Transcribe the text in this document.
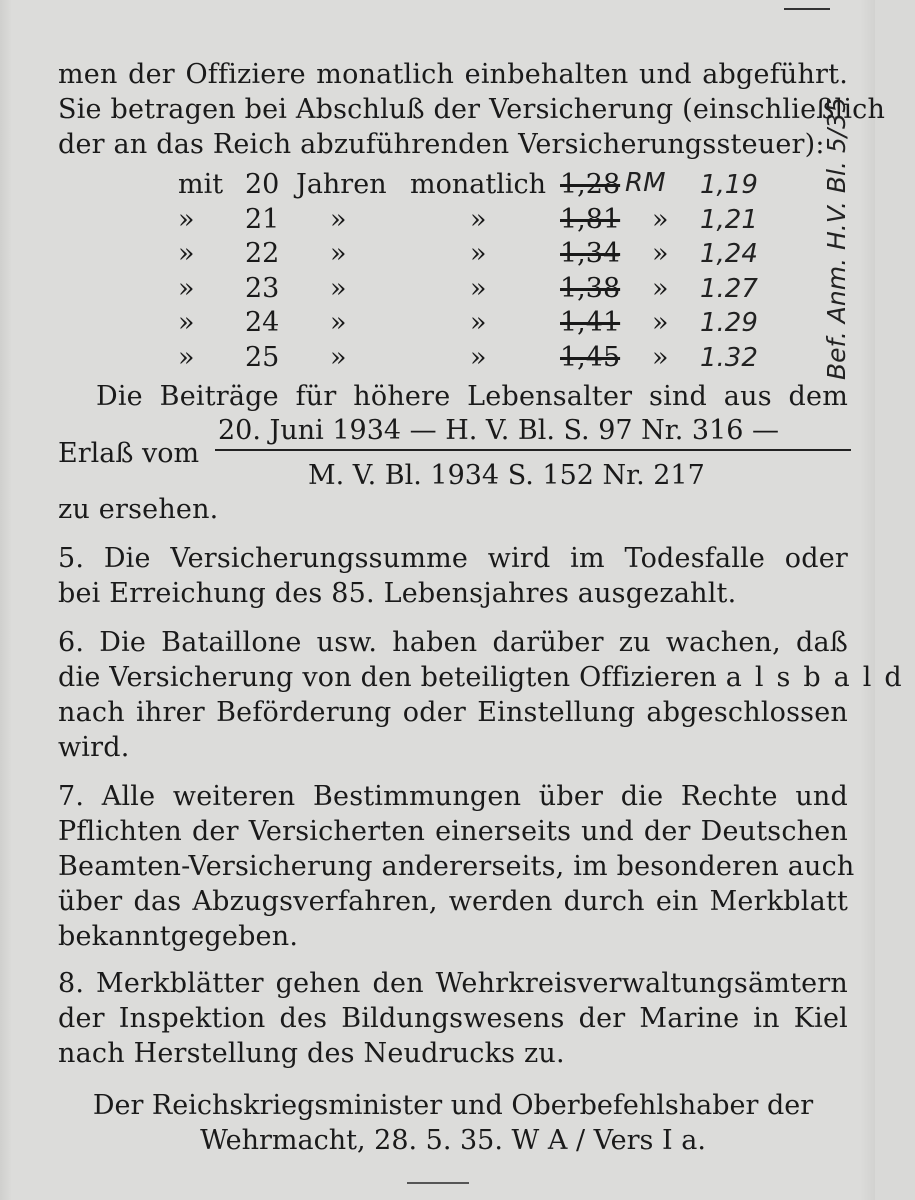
men der Offiziere monatlich einbehalten und abgeführt.
Sie betragen bei Abschluß der Versicherung (einschließlich
der an das Reich abzuführenden Versicherungssteuer):
mit 20 Jahren monatlich 1,28 RM 1,19
» 21 »	»	1,81 » 1,21
» 22 »	»	1,34 » 1,24
» 23 »	»	1,38 » 1.27
» 24 »	»	1,41 » 1.29
» 25 »	»	1,45 » 1.32
Die Beiträge für höhere Lebensalter sind aus dem
Erlaß vom
20. Juni 1934 — H. V. Bl. S. 97 Nr. 316 —
M. V. Bl. 1934 S. 152 Nr. 217
zu ersehen.
5. Die Versicherungssumme wird im Todesfalle oder
bei Erreichung des 85. Lebensjahres ausgezahlt.
6. Die Bataillone usw. haben darüber zu wachen, daß
die Versicherung von den beteiligten Offizieren alsbald
nach ihrer Beförderung oder Einstellung abgeschlossen
wird.
7. Alle weiteren Bestimmungen über die Rechte und
Pflichten der Versicherten einerseits und der Deutschen
Beamten-Versicherung andererseits, im besonderen auch
über das Abzugsverfahren, werden durch ein Merkblatt
bekanntgegeben.
8. Merkblätter gehen den Wehrkreisverwaltungsämtern
der Inspektion des Bildungswesens der Marine in Kiel
nach Herstellung des Neudrucks zu.
Der Reichskriegsminister und Oberbefehlshaber der
Wehrmacht, 28. 5. 35. W A / Vers I a.
Bef. Anm. H.V. Bl. 5/35
